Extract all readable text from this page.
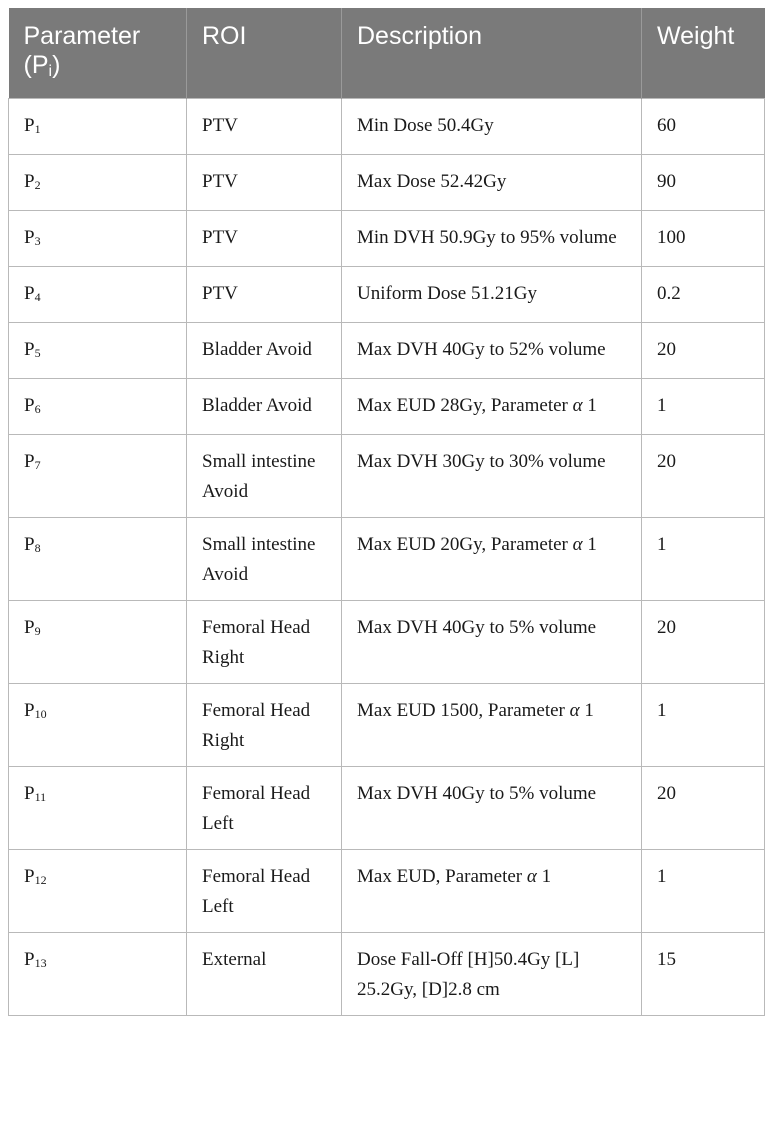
Parameter $(P_i)$	ROI	Description	Weight
$P_1$	PTV	Min Dose 50.4Gy	60
$P_2$	PTV	Max Dose 52.42Gy	90
$P_3$	PTV	Min DVH 50.9Gy to 95% volume	100
$P_4$	PTV	Uniform Dose 51.21Gy	0.2
$P_5$	Bladder Avoid	Max DVH 40Gy to 52% volume	20
$P_6$	Bladder Avoid	Max EUD 28Gy, Parameter α 1	1
$P_7$	Small intestine Avoid	Max DVH 30Gy to 30% volume	20
$P_8$	Small intestine Avoid	Max EUD 20Gy, Parameter α 1	1
$P_9$	Femoral Head Right	Max DVH 40Gy to 5% volume	20
$P_{10}$	Femoral Head Right	Max EUD 1500, Parameter α 1	1
$P_{11}$	Femoral Head Left	Max DVH 40Gy to 5% volume	20
$P_{12}$	Femoral Head Left	Max EUD, Parameter α 1	1
$P_{13}$	External	Dose Fall-Off [H]50.4Gy [L] 25.2Gy, [D]2.8 cm	15
